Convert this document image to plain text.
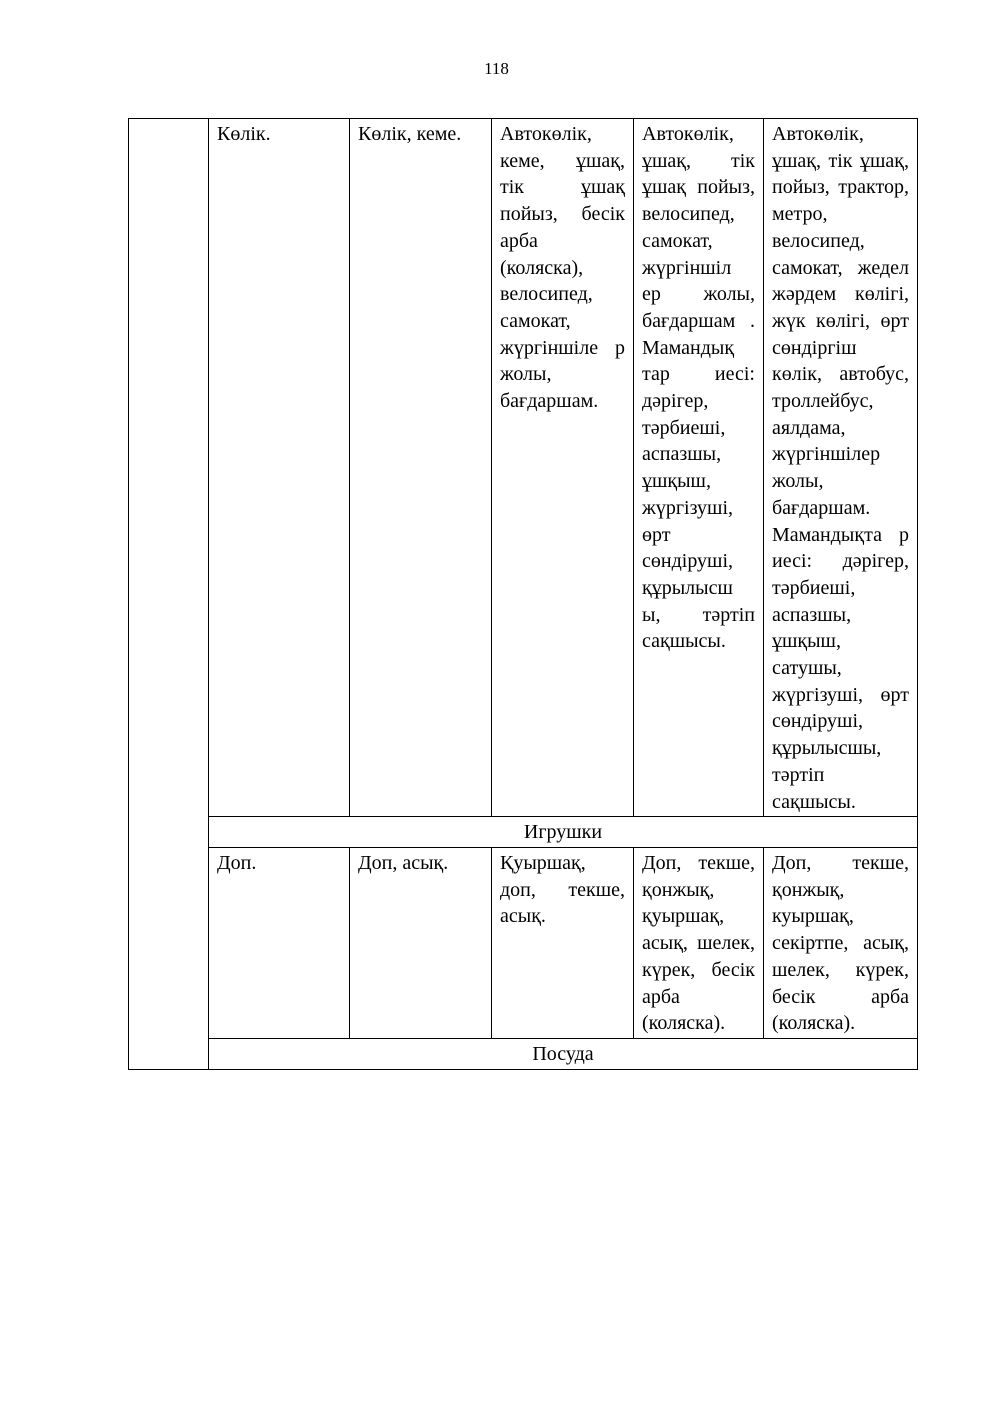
118
	Көлік.	Көлік, кеме.	Автокөлік, кеме, ұшақ, тік ұшақ пойыз, бесік арба (коляска), велосипед, самокат, жүргіншіле р жолы, бағдаршам.	Автокөлік, ұшақ, тік ұшақ пойыз, велосипед, самокат, жүргіншіл ер жолы, бағдаршам . Мамандық тар иесі: дәрігер, тәрбиеші, аспазшы, ұшқыш, жүргізуші, өрт сөндіруші, құрылысш ы, тәртіп сақшысы.	Автокөлік, ұшақ, тік ұшақ, пойыз, трактор, метро, велосипед, самокат, жедел жәрдем көлігі, жүк көлігі, өрт сөндіргіш көлік, автобус, троллейбус, аялдама, жүргіншілер жолы, бағдаршам. Мамандықта р иесі: дәрігер, тәрбиеші, аспазшы, ұшқыш, сатушы, жүргізуші, өрт сөндіруші, құрылысшы, тәртіп сақшысы.
	Игрушки				
	Доп.	Доп, асық.	Қуыршақ, доп, текше, асық.	Доп, текше, қонжық, қуыршақ, асық, шелек, күрек, бесік арба (коляска).	Доп, текше, қонжық, куыршақ, секіртпе, асық, шелек, күрек, бесік арба (коляска).
	Посуда				
